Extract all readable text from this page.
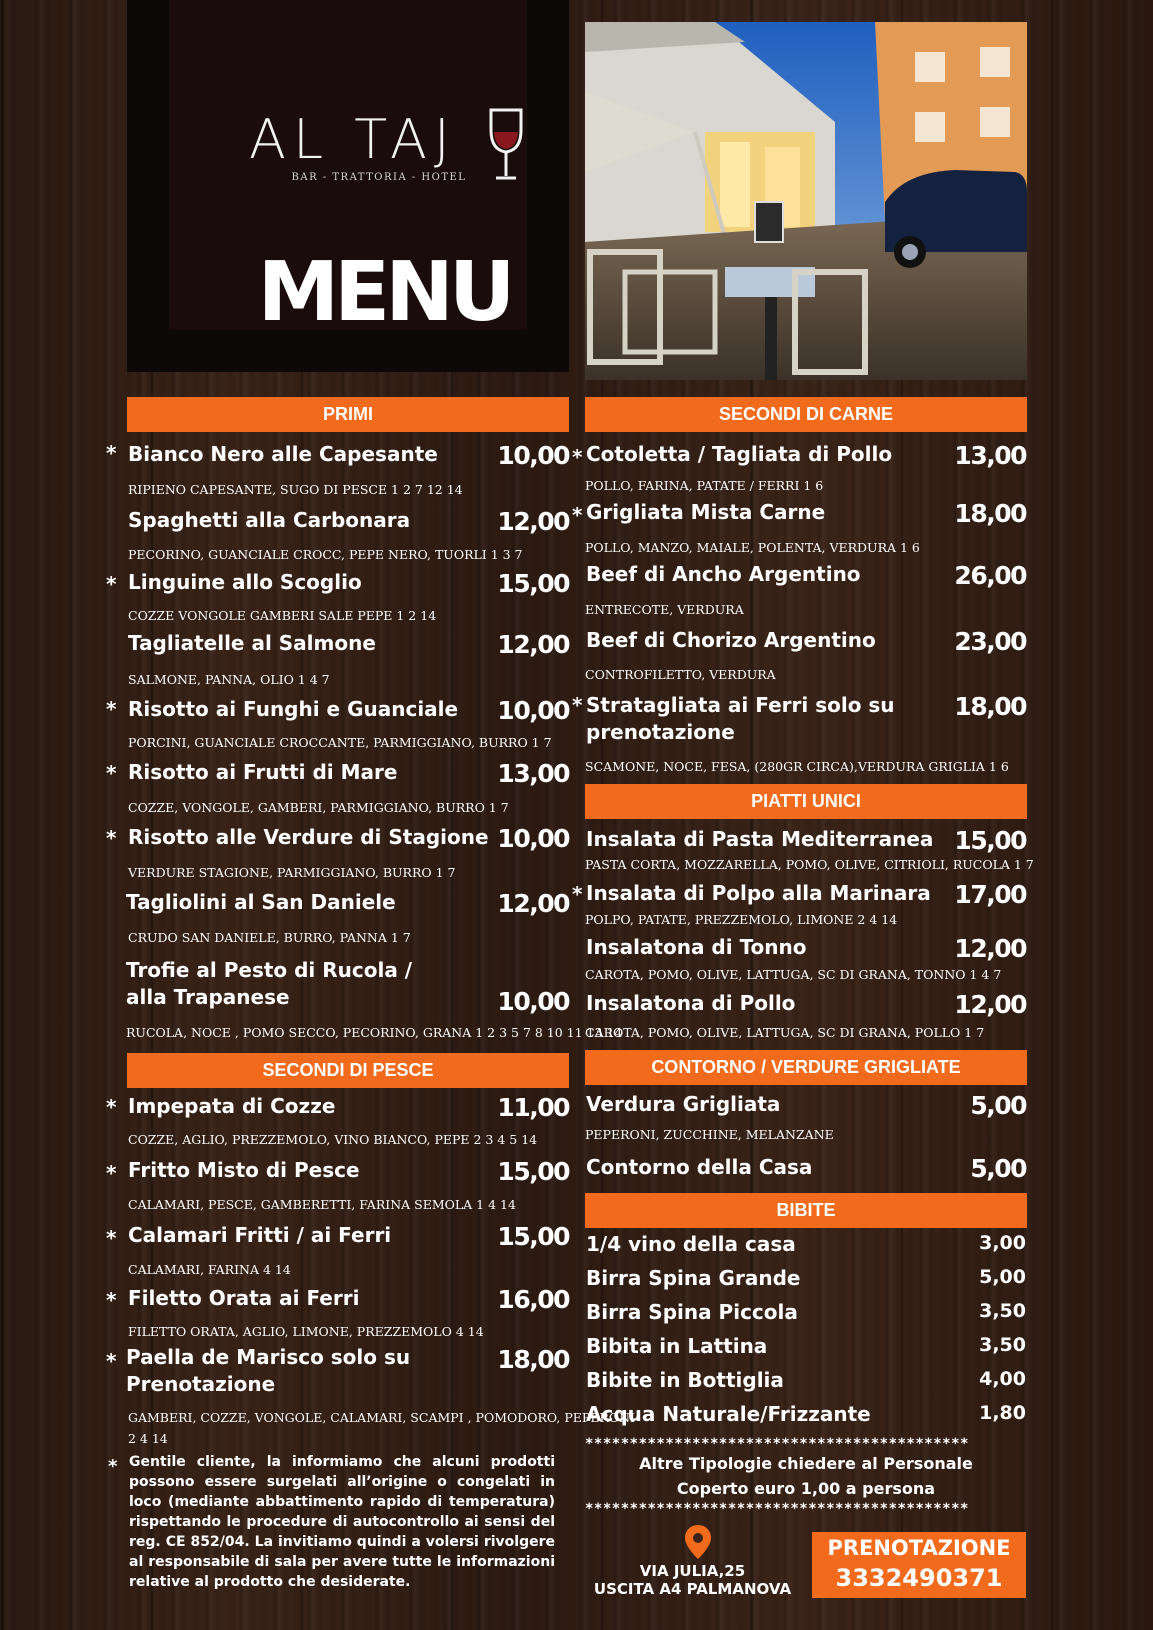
AL TAJ
BAR - TRATTORIA - HOTEL
MENU
PRIMI
SECONDI DI PESCE
SECONDI DI CARNE
PIATTI UNICI
CONTORNO / VERDURE GRIGLIATE
BIBITE
* Bianco Nero alle Capesante	10,00
RIPIENO CAPESANTE, SUGO DI PESCE 1 2 7 12 14
Spaghetti alla Carbonara	12,00
PECORINO, GUANCIALE CROCC, PEPE NERO, TUORLI 1 3 7
* Linguine allo Scoglio	15,00
COZZE VONGOLE GAMBERI SALE PEPE 1 2 14
Tagliatelle al Salmone	12,00
SALMONE, PANNA, OLIO 1 4 7
* Risotto ai Funghi e Guanciale	10,00
PORCINI, GUANCIALE CROCCANTE, PARMIGGIANO, BURRO 1 7
* Risotto ai Frutti di Mare	13,00
COZZE, VONGOLE, GAMBERI, PARMIGGIANO, BURRO 1 7
* Risotto alle Verdure di Stagione 10,00
VERDURE STAGIONE, PARMIGGIANO, BURRO 1 7
Tagliolini al San Daniele	12,00
CRUDO SAN DANIELE, BURRO, PANNA 1 7
Trofie al Pesto di Rucola / alla Trapanese	10,00
RUCOLA, NOCE , POMO SECCO, PECORINO, GRANA 1 2 3 5 7 8 10 11 13 14
* Impepata di Cozze	11,00
COZZE, AGLIO, PREZZEMOLO, VINO BIANCO, PEPE 2 3 4 5 14
* Fritto Misto di Pesce	15,00
CALAMARI, PESCE, GAMBERETTI, FARINA SEMOLA 1 4 14
* Calamari Fritti / ai Ferri	15,00
CALAMARI, FARINA 4 14
* Filetto Orata ai Ferri	16,00
FILETTO ORATA, AGLIO, LIMONE, PREZZEMOLO 4 14
* Paella de Marisco solo su Prenotazione
18,00
GAMBERI, COZZE, VONGOLE, CALAMARI, SCAMPI , POMODORO, PEPERONI
2 4 14
* Cotoletta / Tagliata di Pollo	13,00
POLLO, FARINA, PATATE / FERRI 1 6
* Grigliata Mista Carne	18,00
POLLO, MANZO, MAIALE, POLENTA, VERDURA 1 6
Beef di Ancho Argentino	26,00
ENTRECOTE, VERDURA
Beef di Chorizo Argentino	23,00
CONTROFILETTO, VERDURA
* Stratagliata ai Ferri solo su prenotazione
18,00
SCAMONE, NOCE, FESA, (280GR CIRCA),VERDURA GRIGLIA 1 6
Insalata di Pasta Mediterranea 15,00
PASTA CORTA, MOZZARELLA, POMO, OLIVE, CITRIOLI, RUCOLA 1 7
* Insalata di Polpo alla Marinara 17,00
POLPO, PATATE, PREZZEMOLO, LIMONE 2 4 14
Insalatona di Tonno	12,00
CAROTA, POMO, OLIVE, LATTUGA, SC DI GRANA, TONNO 1 4 7
Insalatona di Pollo	12,00
CAROTA, POMO, OLIVE, LATTUGA, SC DI GRANA, POLLO 1 7
Verdura Grigliata	5,00
PEPERONI, ZUCCHINE, MELANZANE
Contorno della Casa	5,00
1/4 vino della casa	3,00
Birra Spina Grande	5,00
Birra Spina Piccola	3,50
Bibita in Lattina	3,50
Bibite in Bottiglia	4,00
Acqua Naturale/Frizzante	1,80
*******************************************
Altre Tipologie chiedere al Personale
Coperto euro 1,00 a persona
*******************************************
* Gentile cliente, la informiamo che alcuni prodotti possono essere surgelati all’origine o congelati in loco (mediante abbattimento rapido di temperatura) rispettando le procedure di autocontrollo ai sensi del reg. CE 852/04. La invitiamo quindi a volersi rivolgere al responsabile di sala per avere tutte le informazioni relative al prodotto che desiderate.
VIA JULIA,25
USCITA A4 PALMANOVA
PRENOTAZIONE
3332490371
